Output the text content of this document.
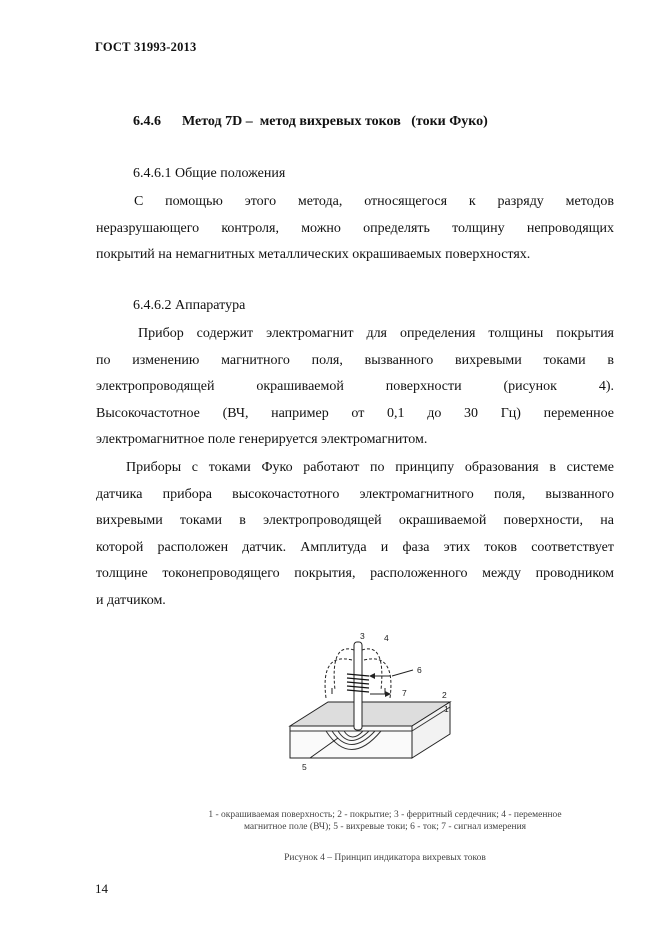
ГОСТ 31993-2013
6.4.6      Метод 7D –  метод вихревых токов   (токи Фуко)
6.4.6.1 Общие положения
С помощью этого метода, относящегося к разряду методов
неразрушающего контроля, можно определять толщину непроводящих
покрытий на немагнитных металлических окрашиваемых поверхностях.
6.4.6.2 Аппаратура
Прибор содержит электромагнит для определения толщины покрытия
по изменению магнитного поля, вызванного вихревыми токами в
электропроводящей окрашиваемой поверхности (рисунок 4).
Высокочастотное (ВЧ, например от 0,1 до 30 Гц) переменное
электромагнитное поле генерируется электромагнитом.
Приборы с токами Фуко работают по принципу образования в системе
датчика прибора высокочастотного электромагнитного поля, вызванного
вихревыми токами в электропроводящей окрашиваемой поверхности, на
которой расположен датчик. Амплитуда и фаза этих токов соответствует
толщине токонепроводящего покрытия, расположенного между проводником
и датчиком.
3 4
6
7	2
1
5
1 - окрашиваемая поверхность; 2 - покрытие; 3 - ферритный сердечник; 4 - переменное
магнитное поле (ВЧ); 5 - вихревые токи; 6 - ток; 7 - сигнал измерения
Рисунок 4 – Принцип индикатора вихревых токов
14
